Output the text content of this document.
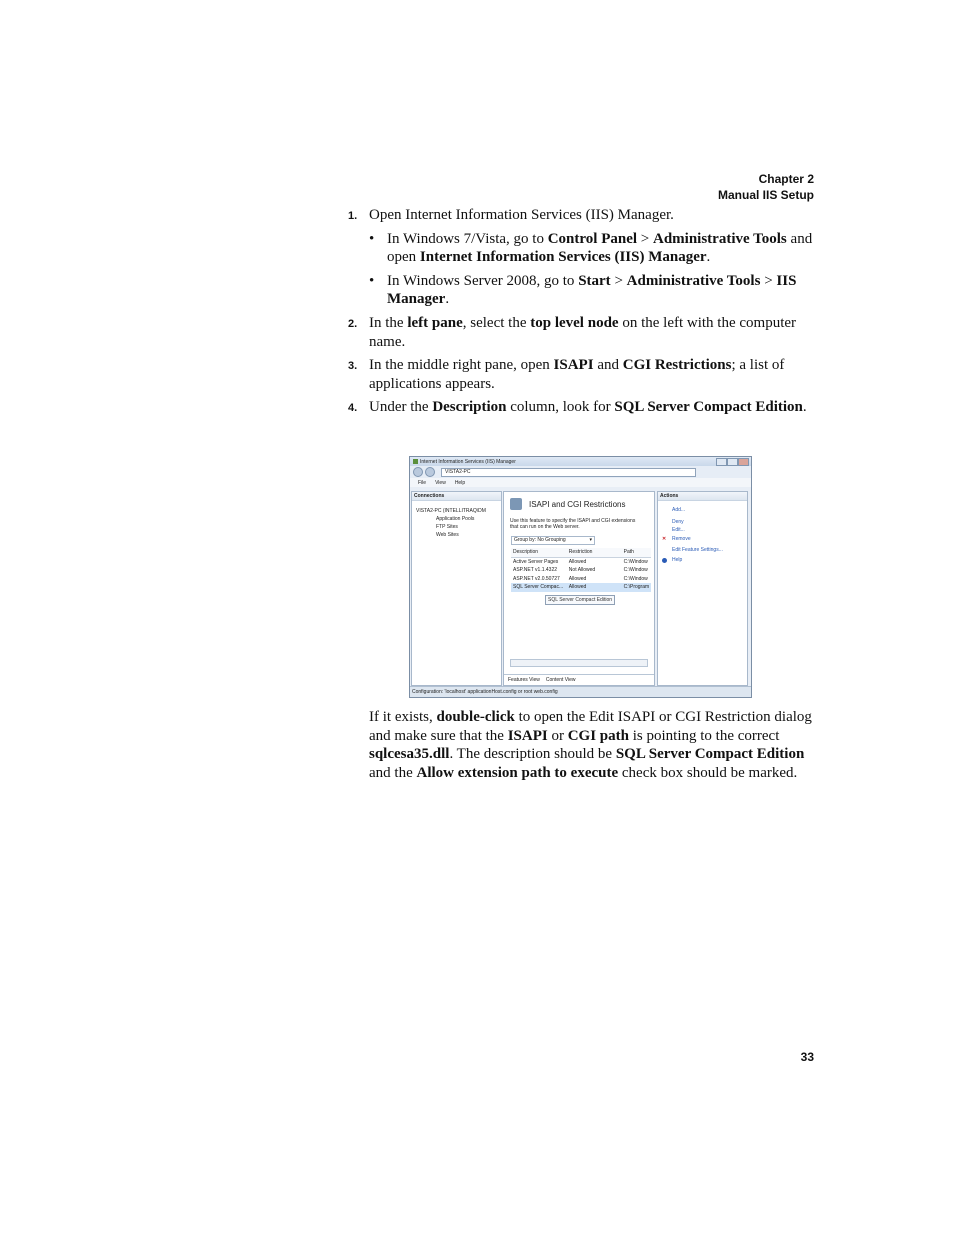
Chapter 2
Manual IIS Setup
1. Open Internet Information Services (IIS) Manager.
• In Windows 7/Vista, go to Control Panel > Administrative Tools and open Internet Information Services (IIS) Manager.
• In Windows Server 2008, go to Start > Administrative Tools > IIS Manager.
2. In the left pane, select the top level node on the left with the computer name.
3. In the middle right pane, open ISAPI and CGI Restrictions; a list of applications appears.
4. Under the Description column, look for SQL Server Compact Edition.
Internet Information Services (IIS) Manager
VISTA2-PC
File View Help
Connections
VISTA2-PC (INTELLITRAQ\DM
Application Pools
FTP Sites
Web Sites
ISAPI and CGI Restrictions
Use this feature to specify the ISAPI and CGI extensions that can run on the Web server.
Group by: No Grouping	▾
Description	Restriction	Path
Active Server Pages	Allowed	C:\Window
ASP.NET v1.1.4322	Not Allowed	C:\Window
ASP.NET v2.0.50727	Allowed	C:\Window
SQL Server Compac...	Allowed	C:\Program
Features View Content View
SQL Server Compact Edition
Actions
Add...
Deny
Edit...
✕ Remove
Edit Feature Settings...
Help
Configuration: 'localhost' applicationHost.config or root web.config
If it exists, double-click to open the Edit ISAPI or CGI Restriction dialog and make sure that the ISAPI or CGI path is pointing to the correct sqlcesa35.dll. The description should be SQL Server Compact Edition and the Allow extension path to execute check box should be marked.
33
